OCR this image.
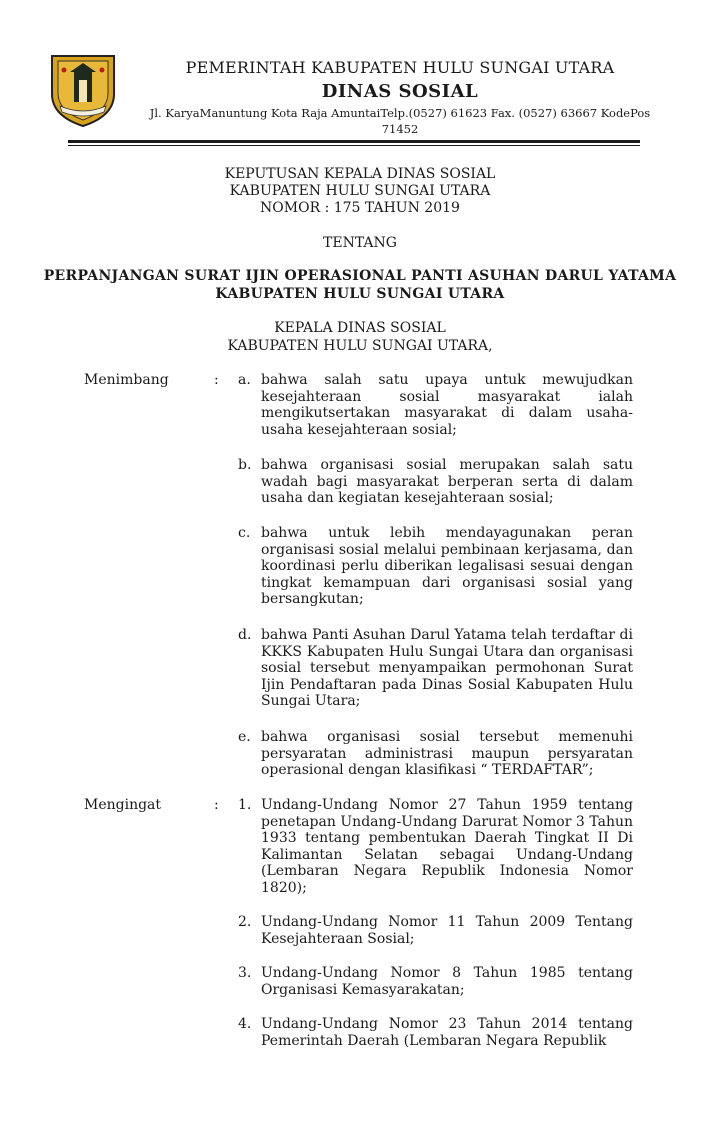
PEMERINTAH KABUPATEN HULU SUNGAI UTARA
DINAS SOSIAL
Jl. KaryaManuntung Kota Raja AmuntaiTelp.(0527) 61623 Fax. (0527) 63667 KodePos
71452
KEPUTUSAN KEPALA DINAS SOSIAL
KABUPATEN HULU SUNGAI UTARA
NOMOR : 175 TAHUN 2019
TENTANG
PERPANJANGAN SURAT IJIN OPERASIONAL PANTI ASUHAN DARUL YATAMA
KABUPATEN HULU SUNGAI UTARA
KEPALA DINAS SOSIAL
KABUPATEN HULU SUNGAI UTARA,
Menimbang	: a. bahwa salah satu upaya untuk mewujudkan kesejahteraan sosial masyarakat ialah mengikutsertakan masyarakat di dalam usaha-usaha kesejahteraan sosial;
b. bahwa organisasi sosial merupakan salah satu wadah bagi masyarakat berperan serta di dalam usaha dan kegiatan kesejahteraan sosial;
c. bahwa untuk lebih mendayagunakan peran organisasi sosial melalui pembinaan kerjasama, dan koordinasi perlu diberikan legalisasi sesuai dengan tingkat kemampuan dari organisasi sosial yang bersangkutan;
d. bahwa Panti Asuhan Darul Yatama telah terdaftar di KKKS Kabupaten Hulu Sungai Utara dan organisasi sosial tersebut menyampaikan permohonan Surat Ijin Pendaftaran pada Dinas Sosial Kabupaten Hulu Sungai Utara;
e. bahwa organisasi sosial tersebut memenuhi persyaratan administrasi maupun persyaratan operasional dengan klasifikasi “ TERDAFTAR”;
Mengingat	: 1. Undang-Undang Nomor 27 Tahun 1959 tentang penetapan Undang-Undang Darurat Nomor 3 Tahun 1933 tentang pembentukan Daerah Tingkat II Di Kalimantan Selatan sebagai Undang-Undang (Lembaran Negara Republik Indonesia Nomor 1820);
2. Undang-Undang Nomor 11 Tahun 2009 Tentang Kesejahteraan Sosial;
3. Undang-Undang Nomor 8 Tahun 1985 tentang Organisasi Kemasyarakatan;
4. Undang-Undang Nomor 23 Tahun 2014 tentang Pemerintah Daerah (Lembaran Negara Republik
